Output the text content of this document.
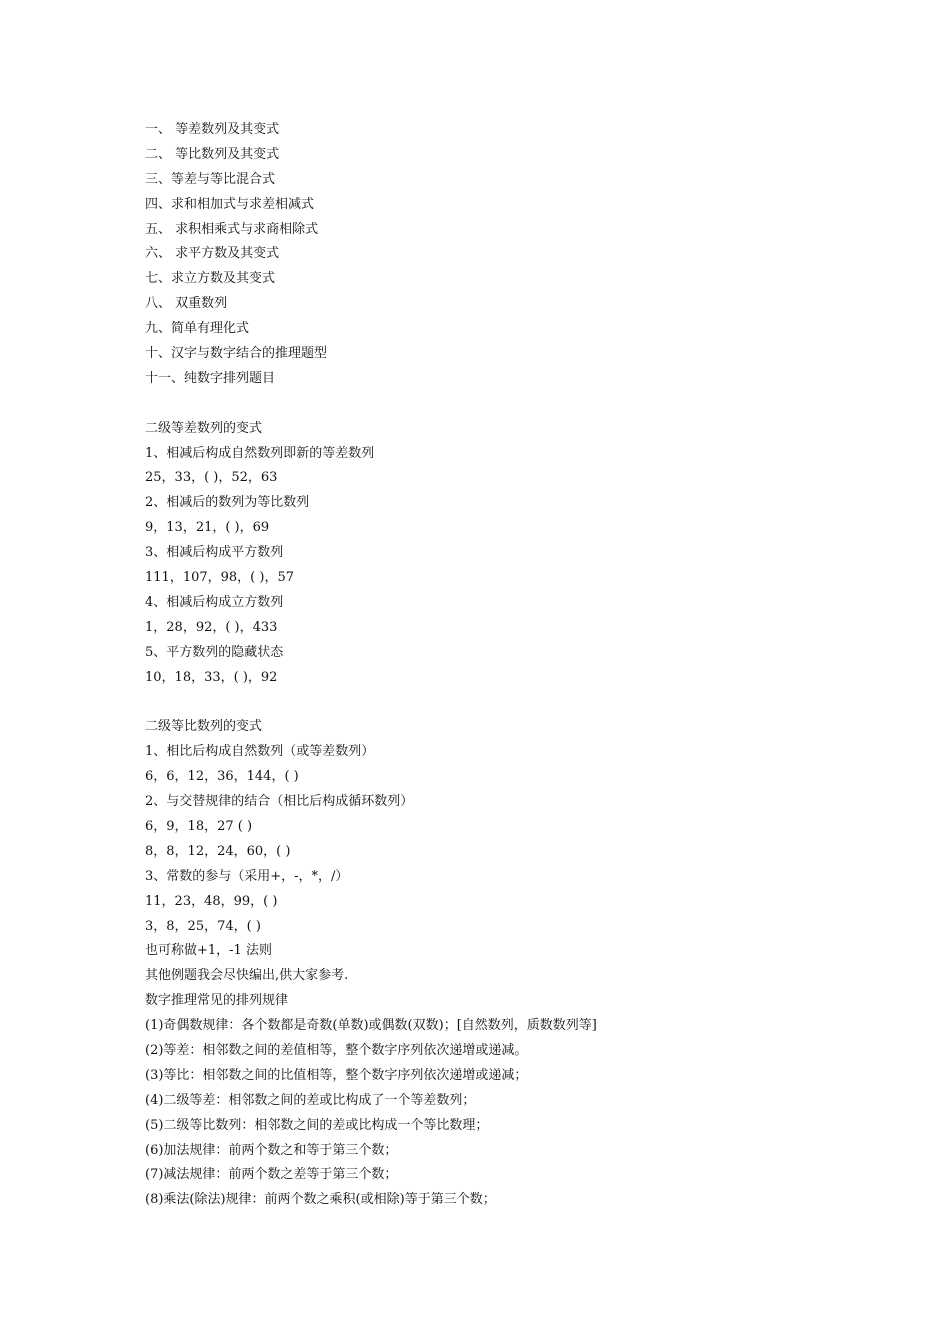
一、 等差数列及其变式

二、 等比数列及其变式

三、等差与等比混合式

四、求和相加式与求差相减式

五、 求积相乘式与求商相除式

六、 求平方数及其变式

七、求立方数及其变式

八、 双重数列

九、简单有理化式

十、汉字与数字结合的推理题型

十一、纯数字排列题目

二级等差数列的变式

1、相减后构成自然数列即新的等差数列

25，33，( )，52，63

2、相减后的数列为等比数列

9，13，21，( )，69

3、相减后构成平方数列

111，107，98，( )，57

4、相减后构成立方数列

1，28，92，( )，433

5、平方数列的隐藏状态

10，18，33，( )，92

二级等比数列的变式

1、相比后构成自然数列（或等差数列）

6，6，12，36，144，( )

2、与交替规律的结合（相比后构成循环数列）

6，9，18，27 ( )

8，8，12，24，60，( )

3、常数的参与（采用+，-，*，/）

11，23，48，99，( )

3，8，25，74，( )

也可称做+1，-1 法则

其他例题我会尽快编出,供大家参考.

数字推理常见的排列规律

(1)奇偶数规律：各个数都是奇数(单数)或偶数(双数)；[自然数列，质数数列等]

(2)等差：相邻数之间的差值相等，整个数字序列依次递增或递减。

(3)等比：相邻数之间的比值相等，整个数字序列依次递增或递减；

(4)二级等差：相邻数之间的差或比构成了一个等差数列；

(5)二级等比数列：相邻数之间的差或比构成一个等比数理；

(6)加法规律：前两个数之和等于第三个数；

(7)减法规律：前两个数之差等于第三个数；

(8)乘法(除法)规律：前两个数之乘积(或相除)等于第三个数；
